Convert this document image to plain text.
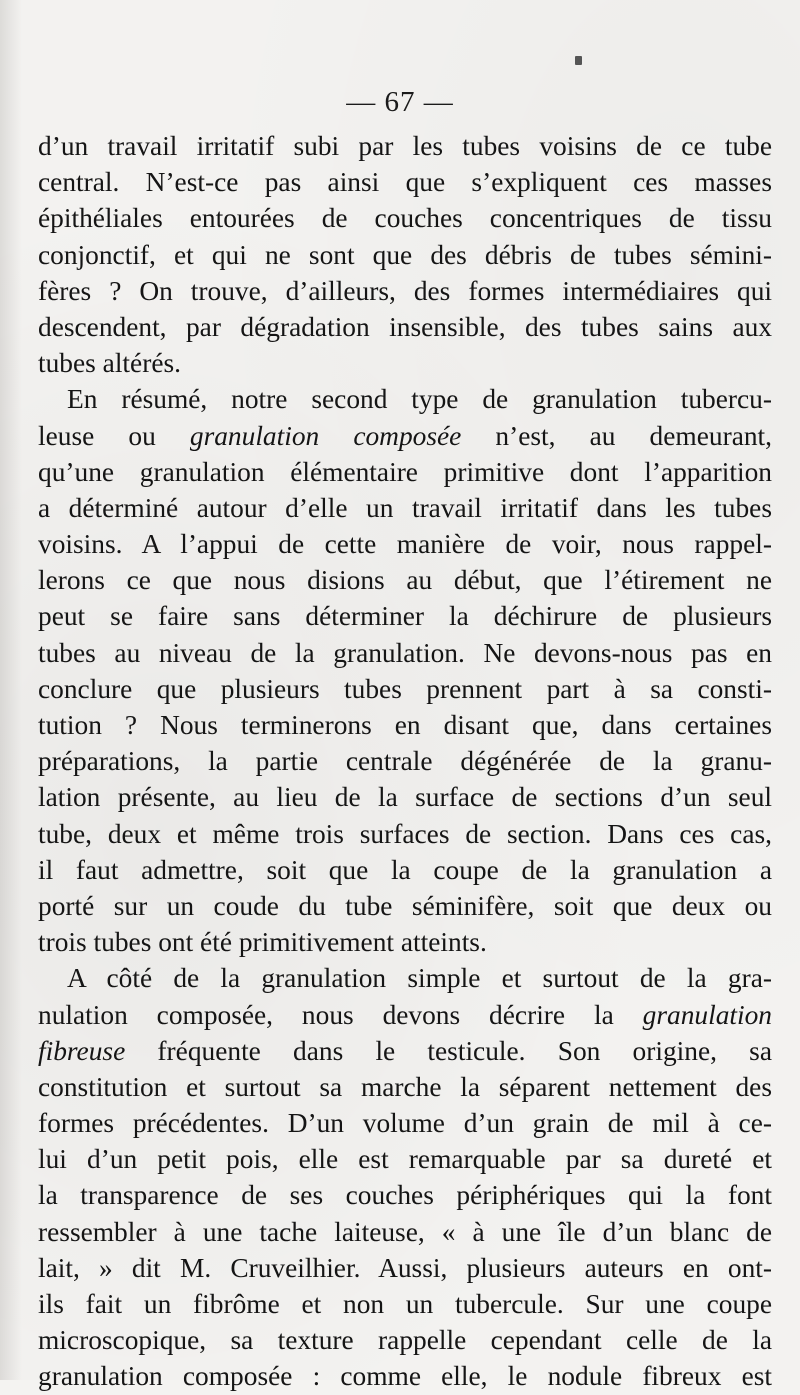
— 67 —
d’un travail irritatif subi par les tubes voisins de ce tube
central. N’est-ce pas ainsi que s’expliquent ces masses
épithéliales entourées de couches concentriques de tissu
conjonctif, et qui ne sont que des débris de tubes sémini-
fères ? On trouve, d’ailleurs, des formes intermédiaires qui
descendent, par dégradation insensible, des tubes sains aux
tubes altérés.
En résumé, notre second type de granulation tubercu-
leuse ou granulation composée n’est, au demeurant,
qu’une granulation élémentaire primitive dont l’apparition
a déterminé autour d’elle un travail irritatif dans les tubes
voisins. A l’appui de cette manière de voir, nous rappel-
lerons ce que nous disions au début, que l’étirement ne
peut se faire sans déterminer la déchirure de plusieurs
tubes au niveau de la granulation. Ne devons-nous pas en
conclure que plusieurs tubes prennent part à sa consti-
tution ? Nous terminerons en disant que, dans certaines
préparations, la partie centrale dégénérée de la granu-
lation présente, au lieu de la surface de sections d’un seul
tube, deux et même trois surfaces de section. Dans ces cas,
il faut admettre, soit que la coupe de la granulation a
porté sur un coude du tube séminifère, soit que deux ou
trois tubes ont été primitivement atteints.
A côté de la granulation simple et surtout de la gra-
nulation composée, nous devons décrire la granulation
fibreuse fréquente dans le testicule. Son origine, sa
constitution et surtout sa marche la séparent nettement des
formes précédentes. D’un volume d’un grain de mil à ce-
lui d’un petit pois, elle est remarquable par sa dureté et
la transparence de ses couches périphériques qui la font
ressembler à une tache laiteuse, « à une île d’un blanc de
lait, » dit M. Cruveilhier. Aussi, plusieurs auteurs en ont-
ils fait un fibrôme et non un tubercule. Sur une coupe
microscopique, sa texture rappelle cependant celle de la
granulation composée : comme elle, le nodule fibreux est
